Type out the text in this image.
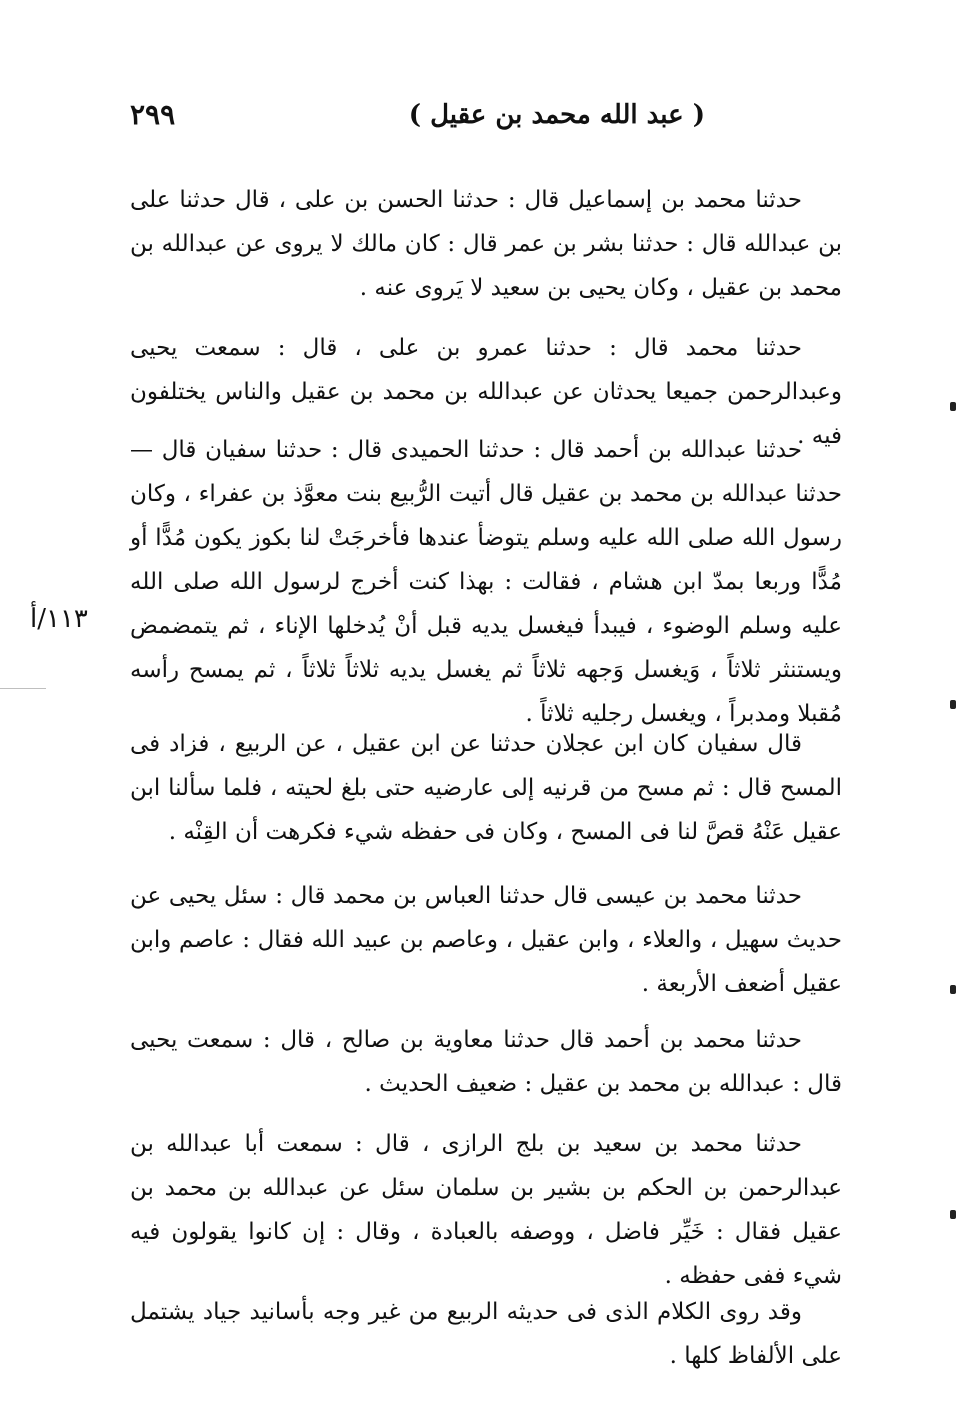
( عبد الله محمد بن عقيل )
٢٩٩
١١٣/أ

حدثنا محمد بن إسماعيل قال : حدثنا الحسن بن على ، قال حدثنا على بن عبدالله قال : حدثنا بشر بن عمر قال : كان مالك لا يروى عن عبدالله بن محمد بن عقيل ، وكان يحيى بن سعيد لا يَروى عنه .

حدثنا محمد قال : حدثنا عمرو بن على ، قال : سمعت يحيى وعبدالرحمن جميعا يحدثان عن عبدالله بن محمد بن عقيل والناس يختلفون فيه .

حدثنا عبدالله بن أحمد قال : حدثنا الحميدى قال : حدثنا سفيان قال — حدثنا عبدالله بن محمد بن عقيل قال أتيت الرُّبيع بنت معوَّذ بن عفراء ، وكان رسول الله صلى الله عليه وسلم يتوضأ عندها فأخرجَتْ لنا بكوز يكون مُدًّا أو مُدًّا وربعا بمدّ ابن هشام ، فقالت : بهذا كنت أخرج لرسول الله صلى الله عليه وسلم الوضوء ، فيبدأ فيغسل يديه قبل أنْ يُدخلها الإناء ، ثم يتمضمض ويستنثر ثلاثاً ، وَيغسل وَجهه ثلاثاً ثم يغسل يديه ثلاثاً ثلاثاً ، ثم يمسح رأسه مُقبلا ومدبراً ، ويغسل رجليه ثلاثاً .

قال سفيان كان ابن عجلان حدثنا عن ابن عقيل ، عن الربيع ، فزاد فى المسح قال : ثم مسح من قرنيه إلى عارضيه حتى بلغ لحيته ، فلما سألنا ابن عقيل عَنْهُ قصَّ لنا فى المسح ، وكان فى حفظه شيء فكرهت أن القِنْه .

حدثنا محمد بن عيسى قال حدثنا العباس بن محمد قال : سئل يحيى عن حديث سهيل ، والعلاء ، وابن عقيل ، وعاصم بن عبيد الله فقال : عاصم وابن عقيل أضعف الأربعة .

حدثنا محمد بن أحمد قال حدثنا معاوية بن صالح ، قال : سمعت يحيى قال : عبدالله بن محمد بن عقيل : ضعيف الحديث .

حدثنا محمد بن سعيد بن بلج الرازى ، قال : سمعت أبا عبدالله بن عبدالرحمن بن الحكم بن بشير بن سلمان سئل عن عبدالله بن محمد بن عقيل فقال : خَيِّر فاضل ، ووصفه بالعبادة ، وقال : إن كانوا يقولون فيه شيء ففى حفظه .

وقد روى الكلام الذى فى حديثه الربيع من غير وجه بأسانيد جياد يشتمل على الألفاظ كلها .
